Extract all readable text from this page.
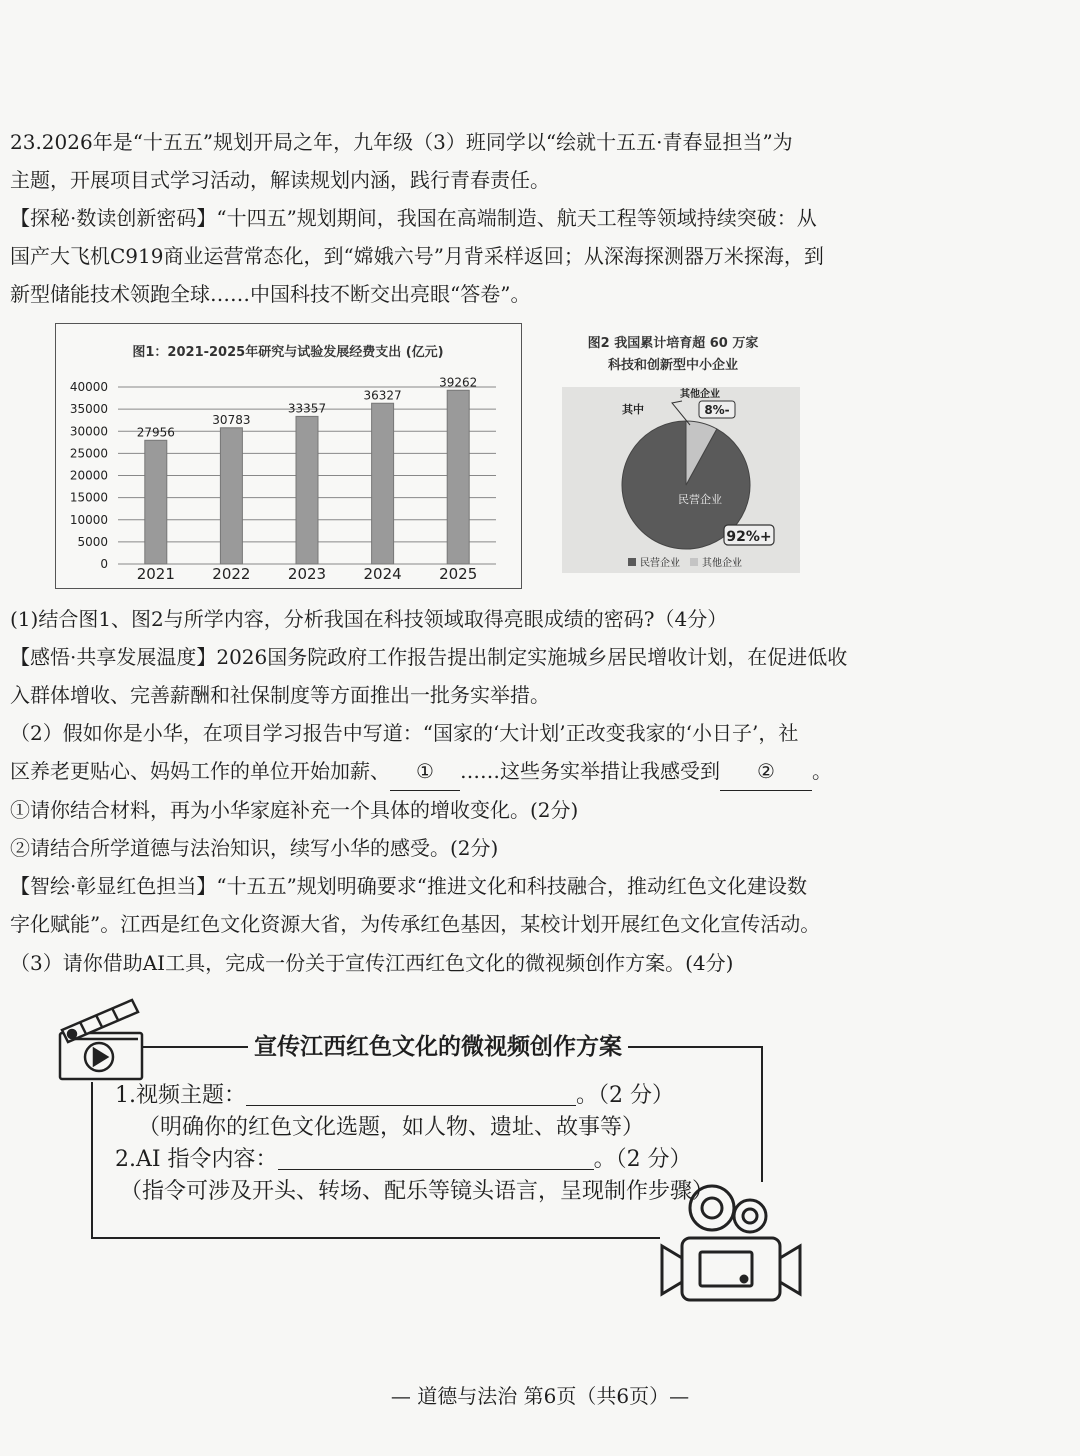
23.2026年是“十五五”规划开局之年，九年级（3）班同学以“绘就十五五·青春显担当”为
主题，开展项目式学习活动，解读规划内涵，践行青春责任。
【探秘·数读创新密码】“十四五”规划期间，我国在高端制造、航天工程等领域持续突破：从
国产大飞机C919商业运营常态化，到“嫦娥六号”月背采样返回；从深海探测器万米探海，到
新型储能技术领跑全球……中国科技不断交出亮眼“答卷”。
图1：2021-2025年研究与试验发展经费支出 (亿元)
40000
35000
30000
25000
20000
15000
10000
5000
0
27956
2021
30783
2022
33357
2023
36327
2024
39262
2025
图2 我国累计培育超 60 万家
科技和创新型中小企业
民营企业
其中
其他企业
8%-
92%+
民营企业 其他企业
(1)结合图1、图2与所学内容，分析我国在科技领域取得亮眼成绩的密码?（4分）
【感悟·共享发展温度】2026国务院政府工作报告提出制定实施城乡居民增收计划，在促进低收
入群体增收、完善薪酬和社保制度等方面推出一批务实举措。
（2）假如你是小华，在项目学习报告中写道：“国家的‘大计划’正改变我家的‘小日子’，社
区养老更贴心、妈妈工作的单位开始加薪、 ① ……这些务实举措让我感受到 ② 。
①请你结合材料，再为小华家庭补充一个具体的增收变化。(2分)
②请结合所学道德与法治知识，续写小华的感受。(2分)
【智绘·彰显红色担当】“十五五”规划明确要求“推进文化和科技融合，推动红色文化建设数
字化赋能”。江西是红色文化资源大省，为传承红色基因，某校计划开展红色文化宣传活动。
（3）请你借助AI工具，完成一份关于宣传江西红色文化的微视频创作方案。(4分)
宣传江西红色文化的微视频创作方案
1.视频主题：	。（2 分）
（明确你的红色文化选题，如人物、遗址、故事等）
2.AI 指令内容：	。（2 分）
（指令可涉及开头、转场、配乐等镜头语言，呈现制作步骤）
— 道德与法治 第6页（共6页）—
